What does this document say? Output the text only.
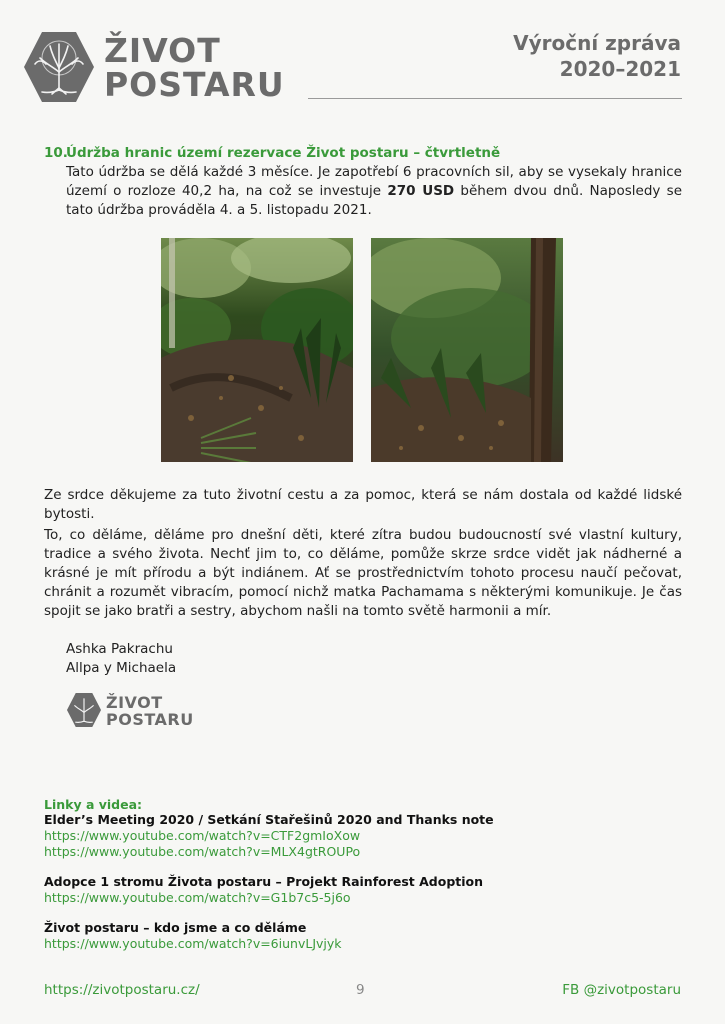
ŽIVOT
POSTARU
Výroční zpráva
2020–2021
10.Údržba hranic území rezervace Život postaru – čtvrtletně
Tato údržba se dělá každé 3 měsíce. Je zapotřebí 6 pracovních sil, aby se vysekaly hranice území o rozloze 40,2 ha, na což se investuje 270 USD během dvou dnů. Naposledy se tato údržba prováděla 4. a 5. listopadu 2021.
Ze srdce děkujeme za tuto životní cestu a za pomoc, která se nám dostala od každé lidské bytosti.
To, co děláme, děláme pro dnešní děti, které zítra budou budoucností své vlastní kultury, tradice a svého života. Nechť jim to, co děláme, pomůže skrze srdce vidět jak nádherné a krásné je mít přírodu a být indiánem. Ať se prostřednictvím tohoto procesu naučí pečovat, chránit a rozumět vibracím, pomocí nichž matka Pachamama s některými komunikuje. Je čas spojit se jako bratři a sestry, abychom našli na tomto světě harmonii a mír.
Ashka Pakrachu
Allpa y Michaela
ŽIVOT
POSTARU
Linky a videa:
Elder’s Meeting 2020 / Setkání Stařešinů 2020 and Thanks note
https://www.youtube.com/watch?v=CTF2gmIoXow
https://www.youtube.com/watch?v=MLX4gtROUPo
Adopce 1 stromu Života postaru – Projekt Rainforest Adoption
https://www.youtube.com/watch?v=G1b7c5-5j6o
Život postaru – kdo jsme a co děláme
https://www.youtube.com/watch?v=6iunvLJvjyk
https://zivotpostaru.cz/	9	FB @zivotpostaru
